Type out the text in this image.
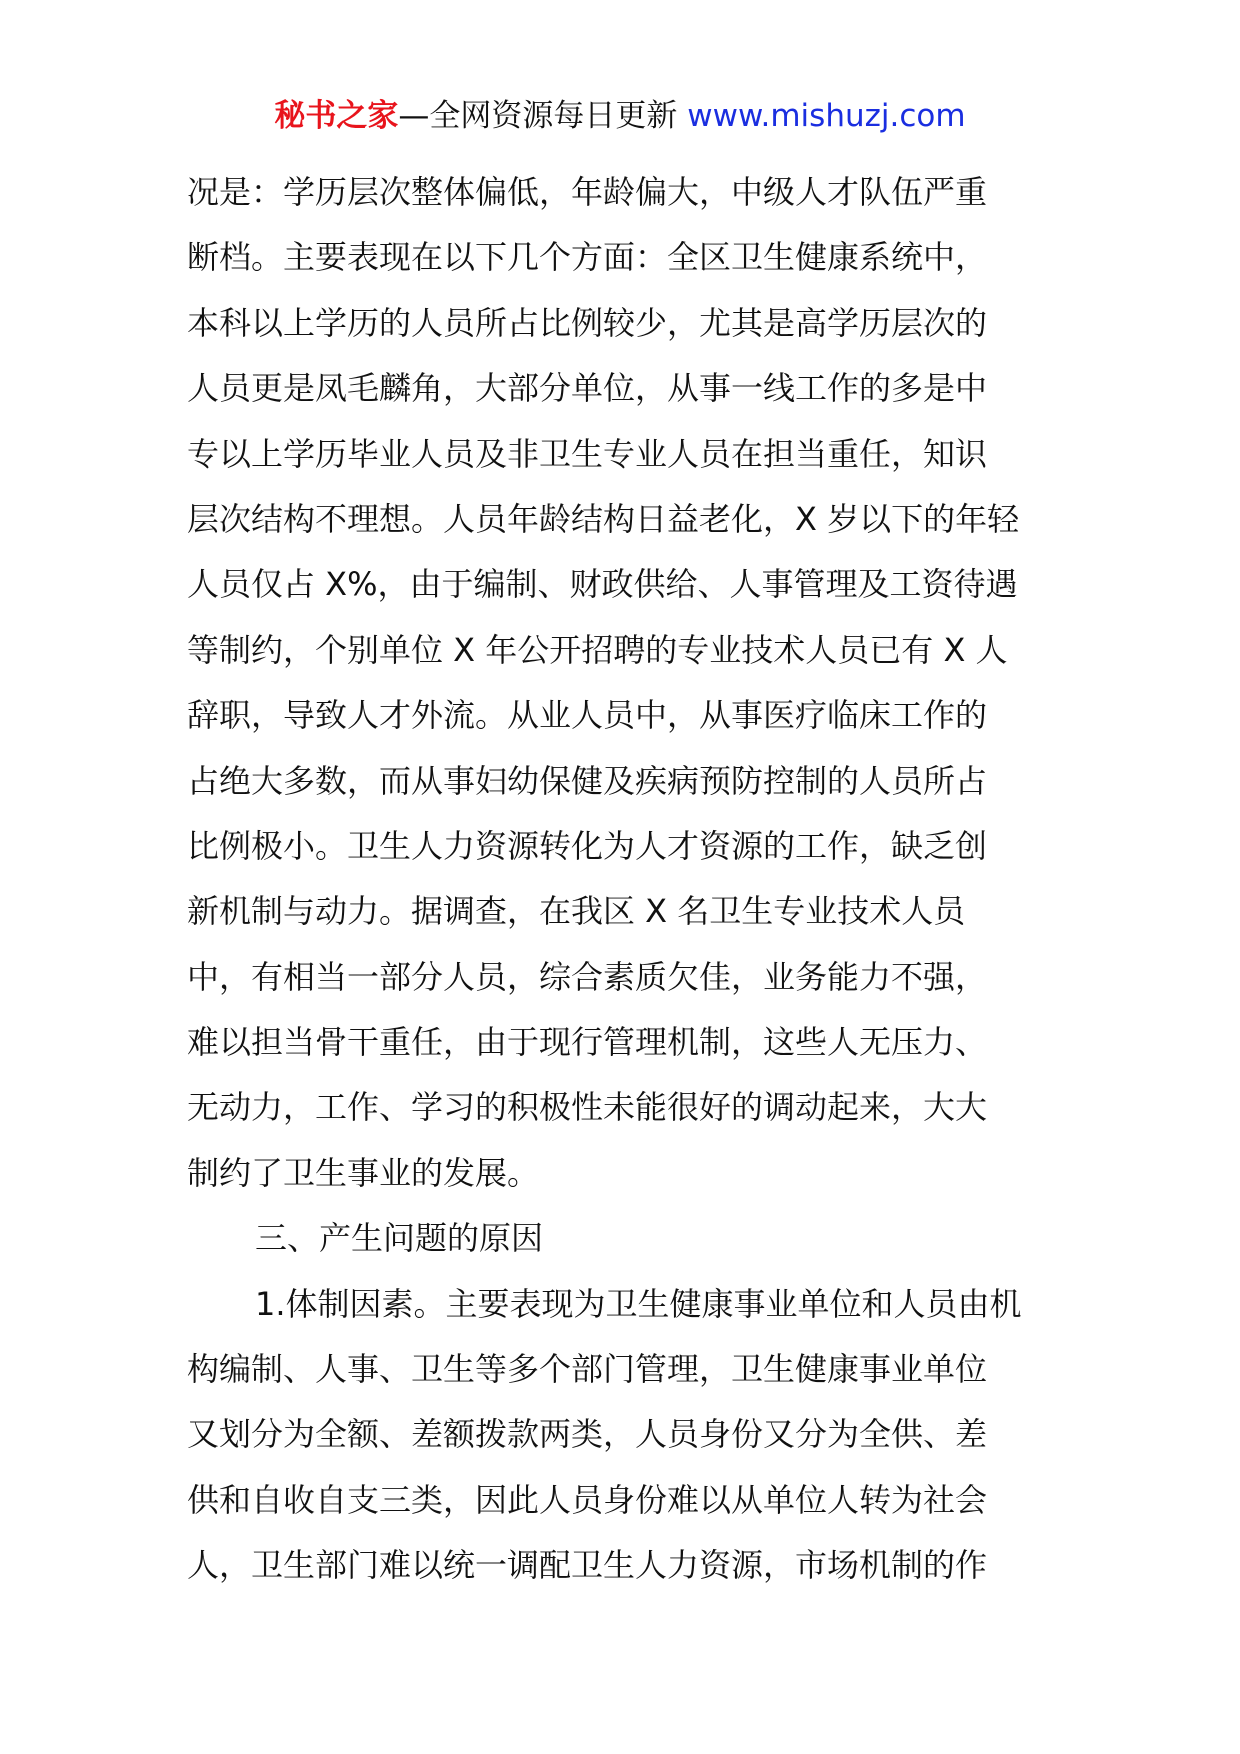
秘书之家—全网资源每日更新 www.mishuzj.com
况是：学历层次整体偏低，年龄偏大，中级人才队伍严重
断档。主要表现在以下几个方面：全区卫生健康系统中，
本科以上学历的人员所占比例较少，尤其是高学历层次的
人员更是凤毛麟角，大部分单位，从事一线工作的多是中
专以上学历毕业人员及非卫生专业人员在担当重任，知识
层次结构不理想。人员年龄结构日益老化，X 岁以下的年轻
人员仅占 X%，由于编制、财政供给、人事管理及工资待遇
等制约，个别单位 X 年公开招聘的专业技术人员已有 X 人
辞职，导致人才外流。从业人员中，从事医疗临床工作的
占绝大多数，而从事妇幼保健及疾病预防控制的人员所占
比例极小。卫生人力资源转化为人才资源的工作，缺乏创
新机制与动力。据调查，在我区 X 名卫生专业技术人员
中，有相当一部分人员，综合素质欠佳，业务能力不强，
难以担当骨干重任，由于现行管理机制，这些人无压力、
无动力，工作、学习的积极性未能很好的调动起来，大大
制约了卫生事业的发展。
三、产生问题的原因
1.体制因素。主要表现为卫生健康事业单位和人员由机
构编制、人事、卫生等多个部门管理，卫生健康事业单位
又划分为全额、差额拨款两类，人员身份又分为全供、差
供和自收自支三类，因此人员身份难以从单位人转为社会
人，卫生部门难以统一调配卫生人力资源，市场机制的作
